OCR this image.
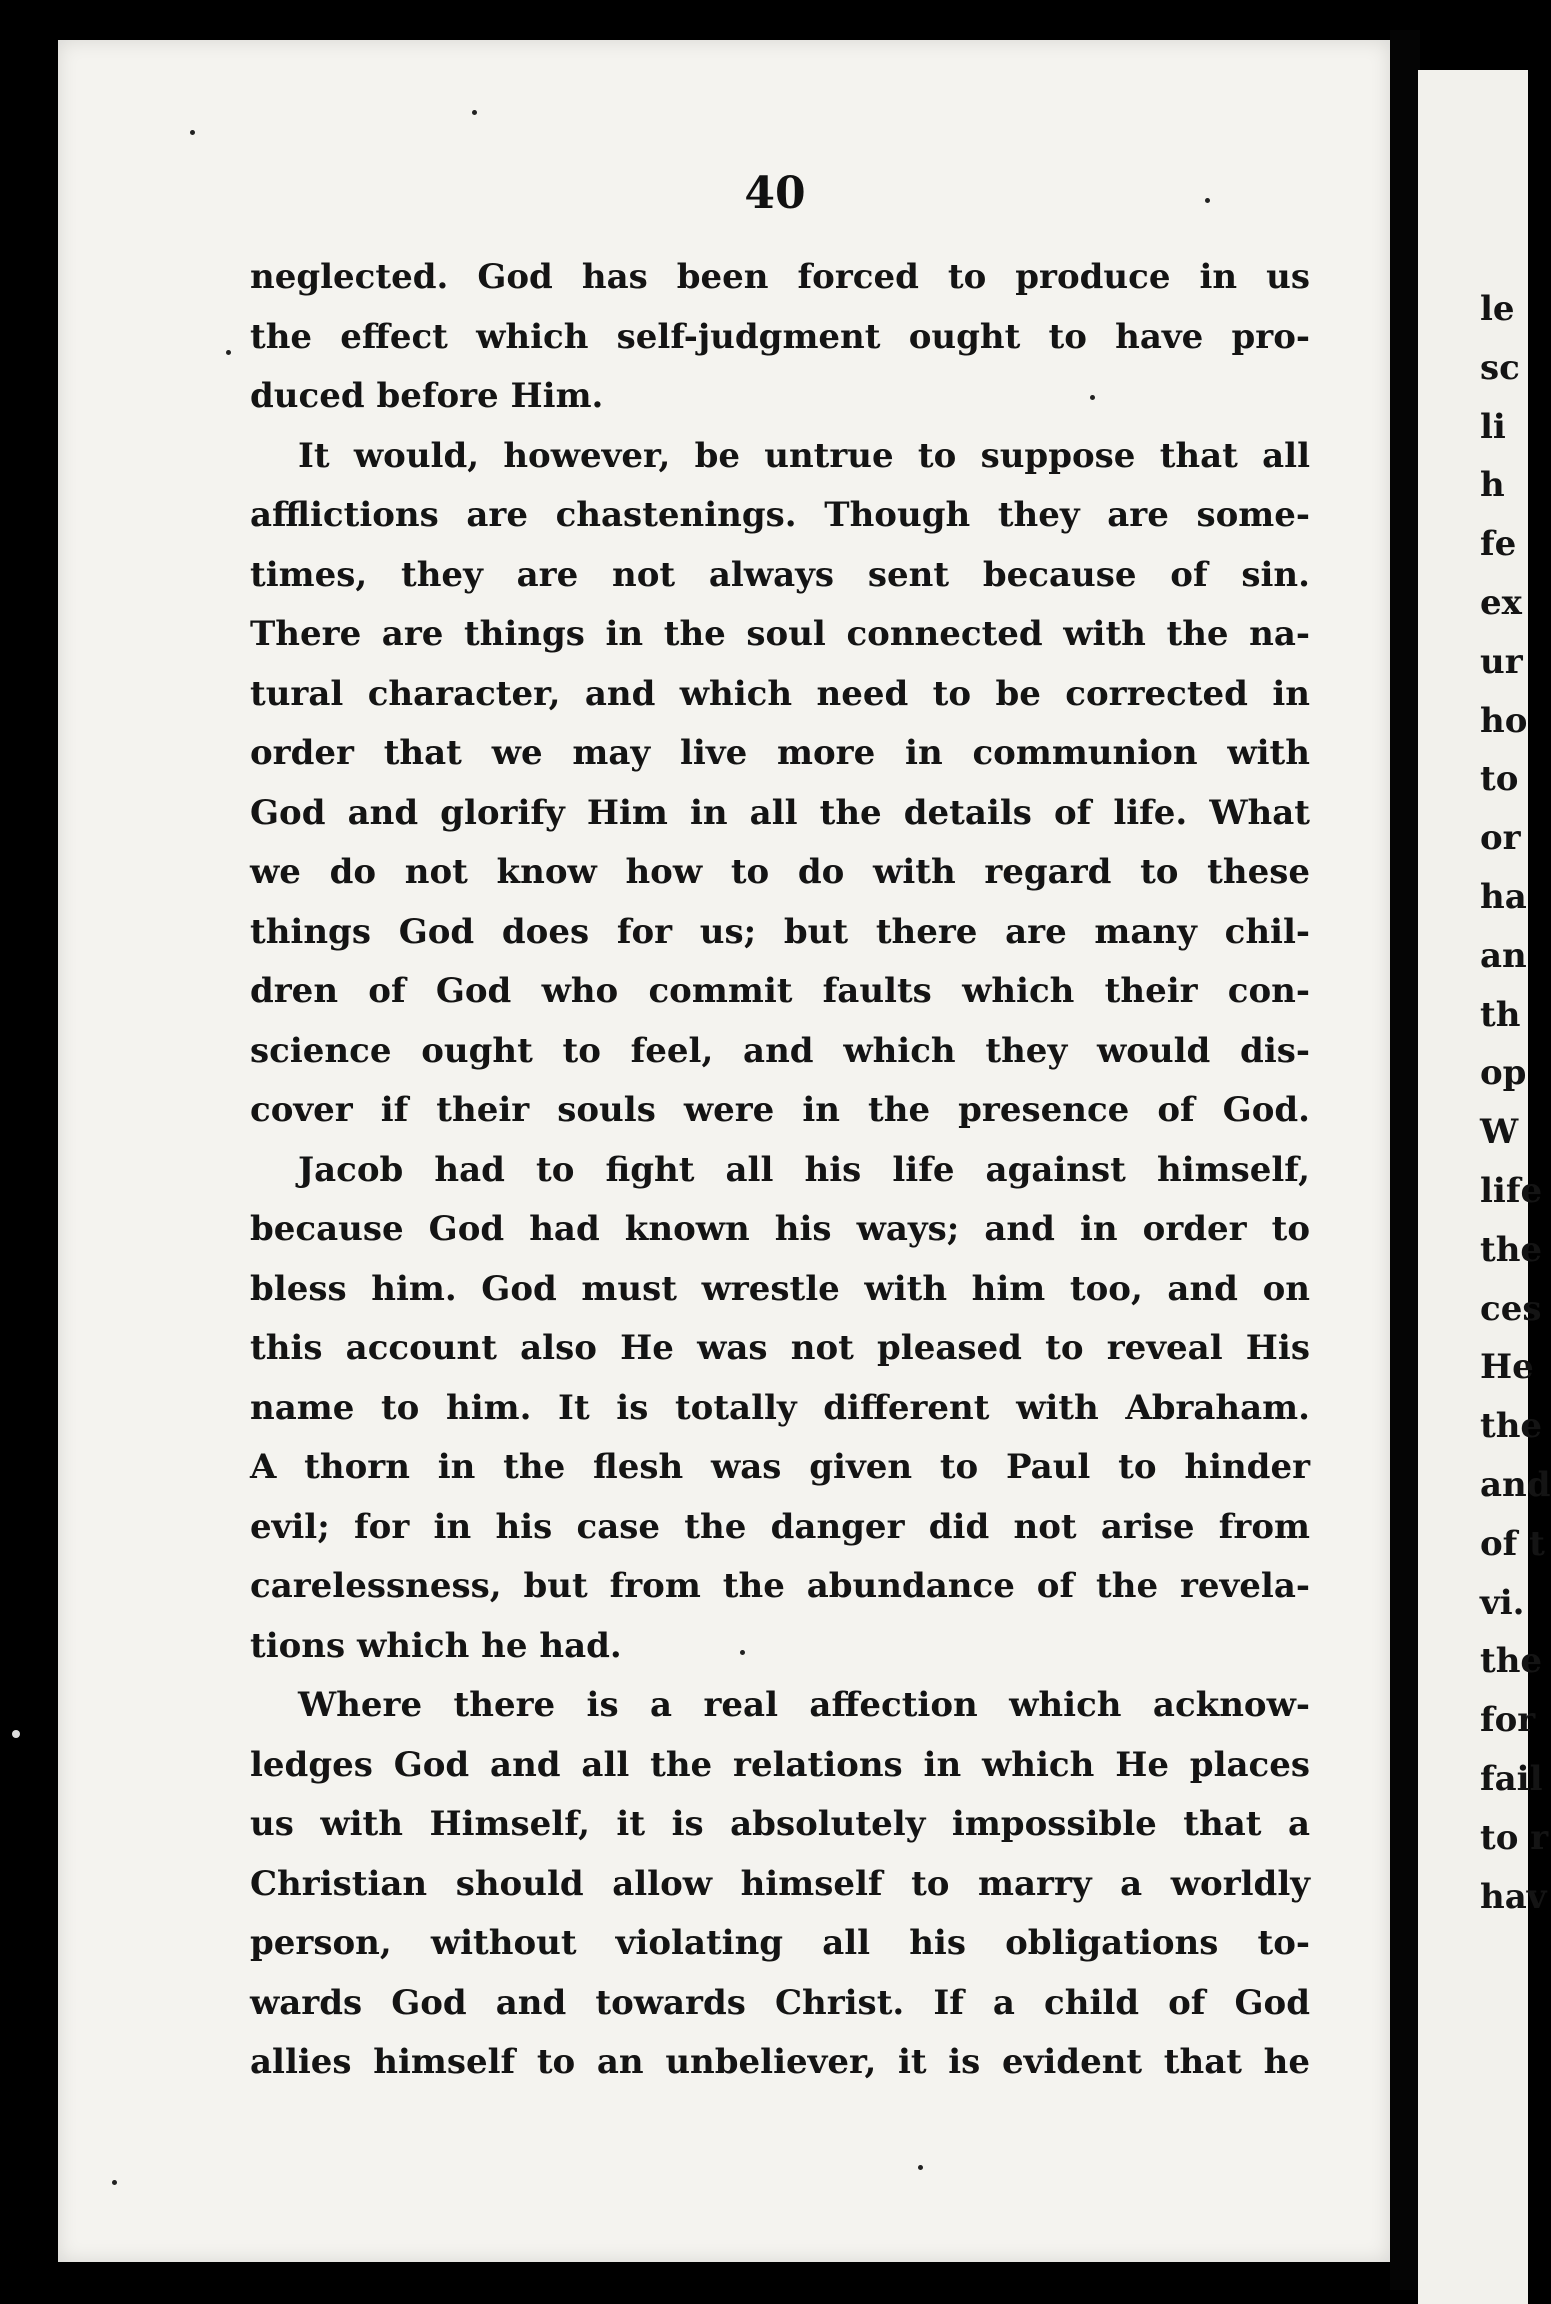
40
neglected. God has been forced to produce in us
the effect which self-judgment ought to have pro-
duced before Him.
It would, however, be untrue to suppose that all
afflictions are chastenings. Though they are some-
times, they are not always sent because of sin.
There are things in the soul connected with the na-
tural character, and which need to be corrected in
order that we may live more in communion with
God and glorify Him in all the details of life. What
we do not know how to do with regard to these
things God does for us; but there are many chil-
dren of God who commit faults which their con-
science ought to feel, and which they would dis-
cover if their souls were in the presence of God.
Jacob had to fight all his life against himself,
because God had known his ways; and in order to
bless him. God must wrestle with him too, and on
this account also He was not pleased to reveal His
name to him. It is totally different with Abraham.
A thorn in the flesh was given to Paul to hinder
evil; for in his case the danger did not arise from
carelessness, but from the abundance of the revela-
tions which he had.
Where there is a real affection which acknow-
ledges God and all the relations in which He places
us with Himself, it is absolutely impossible that a
Christian should allow himself to marry a worldly
person, without violating all his obligations to-
wards God and towards Christ. If a child of God
allies himself to an unbeliever, it is evident that he
le
sc
li
h
fe
ex
ur
ho
to
or
ha
an
th
op
W
life
the
ces
He
the
and
of t
vi.
the
for
fail
to r
hav
